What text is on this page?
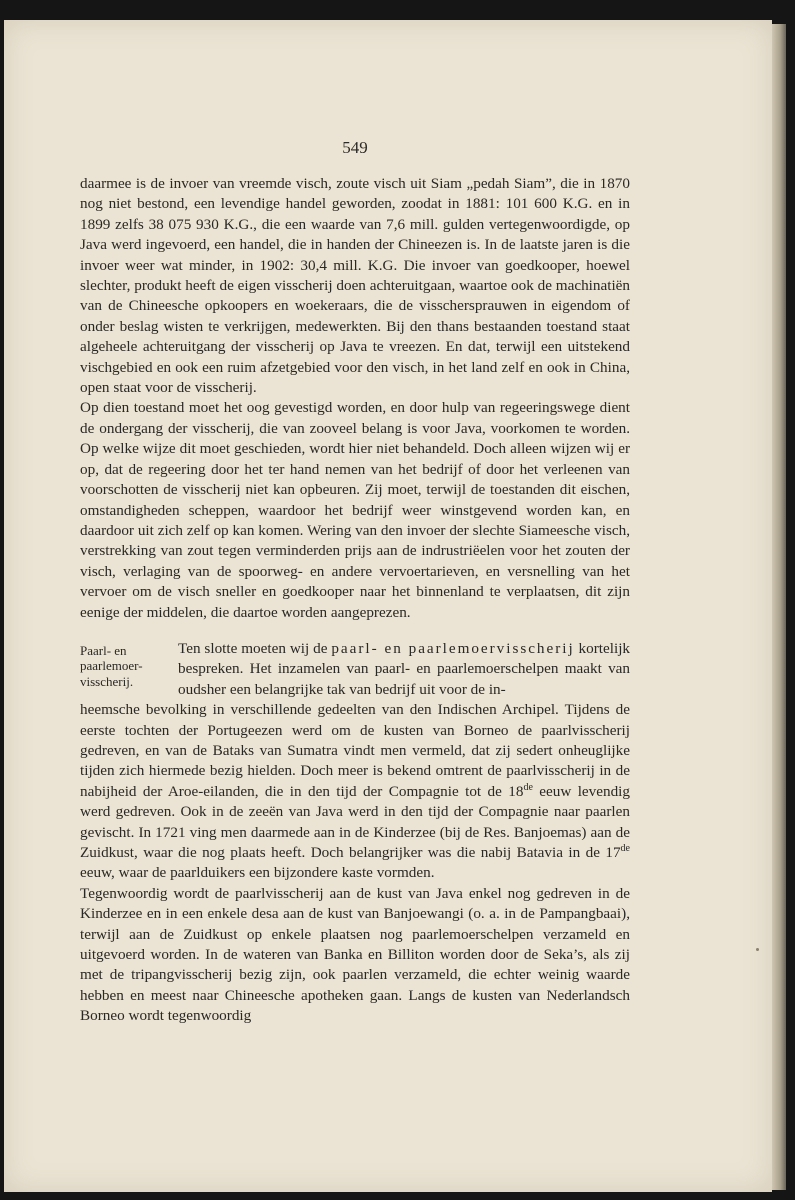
549

daarmee is de invoer van vreemde visch, zoute visch uit Siam „pedah Siam”, die in 1870 nog niet bestond, een levendige handel geworden, zoodat in 1881: 101 600 K.G. en in 1899 zelfs 38 075 930 K.G., die een waarde van 7,6 mill. gulden vertegenwoordigde, op Java werd ingevoerd, een handel, die in handen der Chineezen is. In de laatste jaren is die invoer weer wat minder, in 1902: 30,4 mill. K.G. Die invoer van goedkooper, hoewel slechter, produkt heeft de eigen visscherij doen achteruitgaan, waartoe ook de machinatiën van de Chineesche opkoopers en woekeraars, die de visschersprauwen in eigendom of onder beslag wisten te verkrijgen, medewerkten. Bij den thans bestaanden toestand staat algeheele achteruitgang der visscherij op Java te vreezen. En dat, terwijl een uitstekend vischgebied en ook een ruim afzetgebied voor den visch, in het land zelf en ook in China, open staat voor de visscherij.

Op dien toestand moet het oog gevestigd worden, en door hulp van regeeringswege dient de ondergang der visscherij, die van zooveel belang is voor Java, voorkomen te worden. Op welke wijze dit moet geschieden, wordt hier niet behandeld. Doch alleen wijzen wij er op, dat de regeering door het ter hand nemen van het bedrijf of door het verleenen van voorschotten de visscherij niet kan opbeuren. Zij moet, terwijl de toestanden dit eischen, omstandigheden scheppen, waardoor het bedrijf weer winstgevend worden kan, en daardoor uit zich zelf op kan komen. Wering van den invoer der slechte Siameesche visch, verstrekking van zout tegen verminderden prijs aan de indrustriëelen voor het zouten der visch, verlaging van de spoorweg- en andere vervoertarieven, en versnelling van het vervoer om de visch sneller en goedkooper naar het binnenland te verplaatsen, dit zijn eenige der middelen, die daartoe worden aangeprezen.

Paarl- en paarlemoer-visscherij.

Ten slotte moeten wij de paarl- en paarlemoervisscherij kortelijk bespreken. Het inzamelen van paarl- en paarlemoerschelpen maakt van oudsher een belangrijke tak van bedrijf uit voor de in-

heemsche bevolking in verschillende gedeelten van den Indischen Archipel. Tijdens de eerste tochten der Portugeezen werd om de kusten van Borneo de paarlvisscherij gedreven, en van de Bataks van Sumatra vindt men vermeld, dat zij sedert onheuglijke tijden zich hiermede bezig hielden. Doch meer is bekend omtrent de paarlvisscherij in de nabijheid der Aroe-eilanden, die in den tijd der Compagnie tot de 18de eeuw levendig werd gedreven. Ook in de zeeën van Java werd in den tijd der Compagnie naar paarlen gevischt. In 1721 ving men daarmede aan in de Kinderzee (bij de Res. Banjoemas) aan de Zuidkust, waar die nog plaats heeft. Doch belangrijker was die nabij Batavia in de 17de eeuw, waar de paarlduikers een bijzondere kaste vormden.

Tegenwoordig wordt de paarlvisscherij aan de kust van Java enkel nog gedreven in de Kinderzee en in een enkele desa aan de kust van Banjoewangi (o. a. in de Pampangbaai), terwijl aan de Zuidkust op enkele plaatsen nog paarlemoerschelpen verzameld en uitgevoerd worden. In de wateren van Banka en Billiton worden door de Seka’s, als zij met de tripangvisscherij bezig zijn, ook paarlen verzameld, die echter weinig waarde hebben en meest naar Chineesche apotheken gaan. Langs de kusten van Nederlandsch Borneo wordt tegenwoordig
